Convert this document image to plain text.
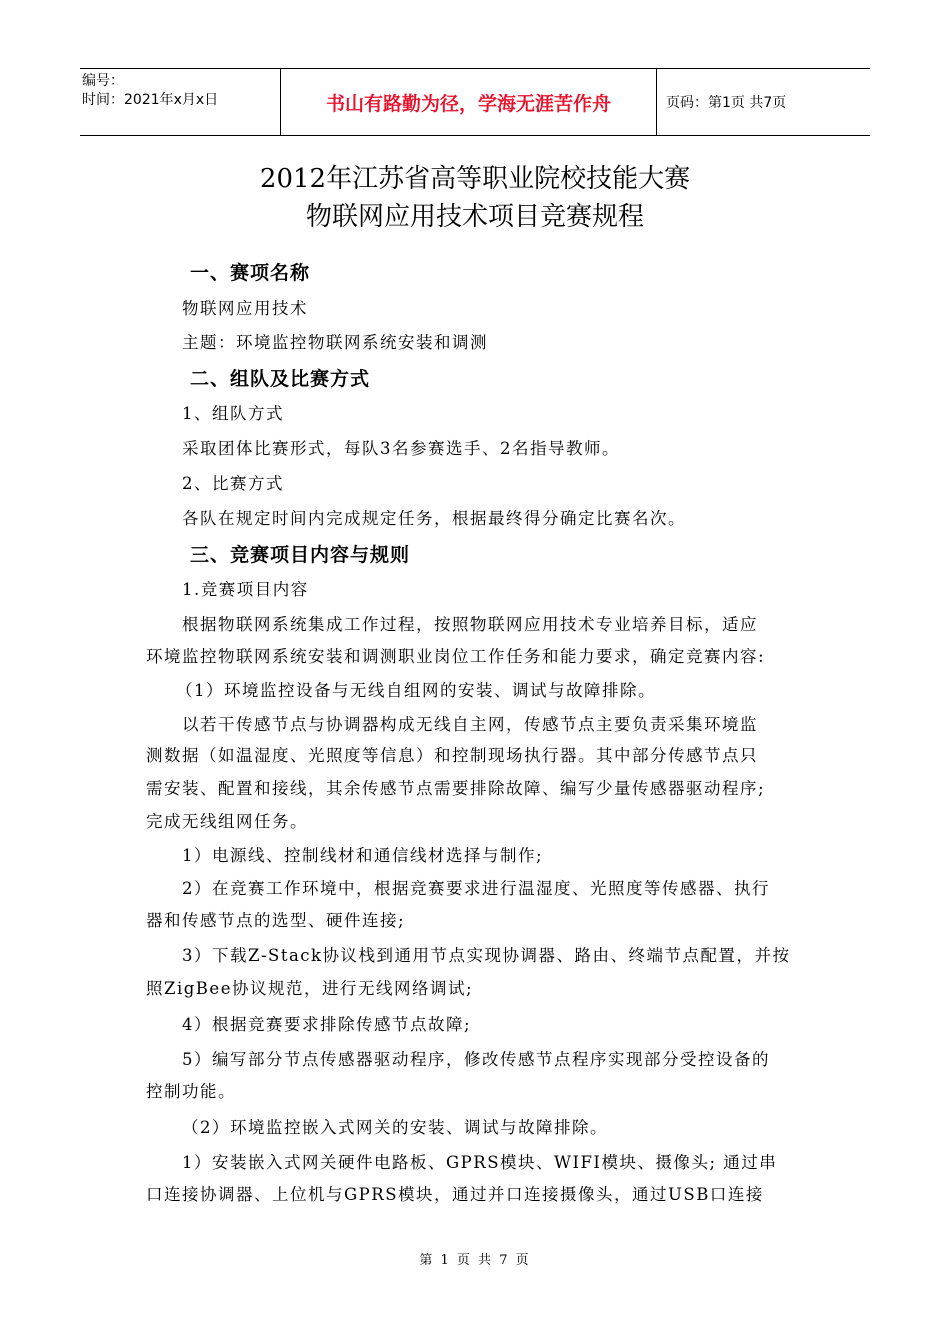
编号：
时间：2021年x月x日	书山有路勤为径，学海无涯苦作舟	页码：第1页 共7页
2012年江苏省高等职业院校技能大赛
物联网应用技术项目竞赛规程
一、赛项名称
物联网应用技术
主题：环境监控物联网系统安装和调测
二、组队及比赛方式
1、组队方式
采取团体比赛形式，每队3名参赛选手、2名指导教师。
2、比赛方式
各队在规定时间内完成规定任务，根据最终得分确定比赛名次。
三、竞赛项目内容与规则
1.竞赛项目内容
根据物联网系统集成工作过程，按照物联网应用技术专业培养目标，适应
环境监控物联网系统安装和调测职业岗位工作任务和能力要求，确定竞赛内容:
（1）环境监控设备与无线自组网的安装、调试与故障排除。
以若干传感节点与协调器构成无线自主网，传感节点主要负责采集环境监
测数据（如温湿度、光照度等信息）和控制现场执行器。其中部分传感节点只
需安装、配置和接线，其余传感节点需要排除故障、编写少量传感器驱动程序;
完成无线组网任务。
1）电源线、控制线材和通信线材选择与制作;
2）在竞赛工作环境中，根据竞赛要求进行温湿度、光照度等传感器、执行
器和传感节点的选型、硬件连接;
3）下载Z-Stack协议栈到通用节点实现协调器、路由、终端节点配置，并按
照ZigBee协议规范，进行无线网络调试;
4）根据竞赛要求排除传感节点故障;
5）编写部分节点传感器驱动程序，修改传感节点程序实现部分受控设备的
控制功能。
（2）环境监控嵌入式网关的安装、调试与故障排除。
1）安装嵌入式网关硬件电路板、GPRS模块、WIFI模块、摄像头; 通过串
口连接协调器、上位机与GPRS模块，通过并口连接摄像头，通过USB口连接
第 1 页 共 7 页
